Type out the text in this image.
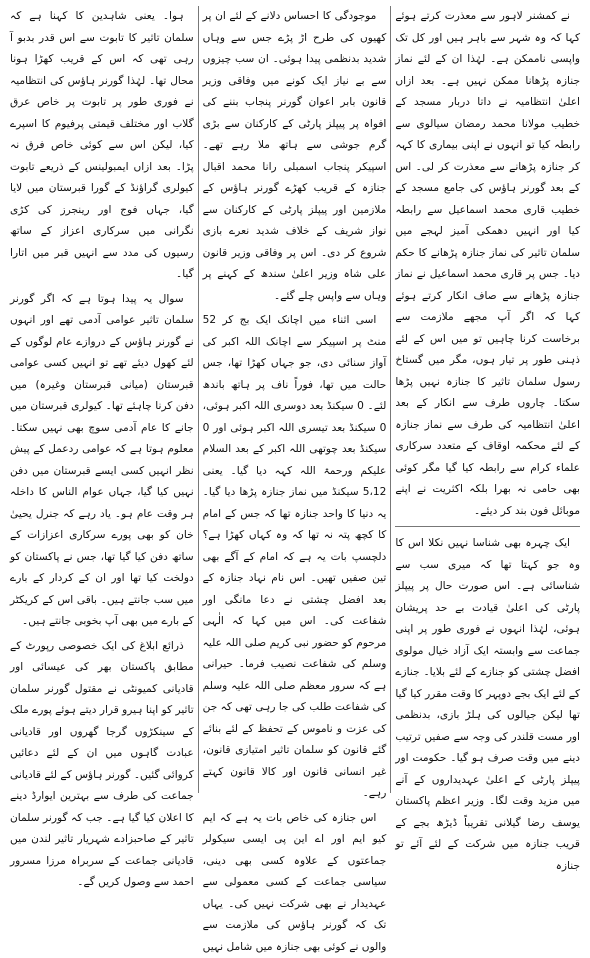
نے کمشنر لاہور سے معذرت کرتے ہوئے کہا کہ وہ شہر سے باہر ہیں اور کل تک واپسی ناممکن ہے۔ لہٰذا ان کے لئے نماز جنازہ پڑھانا ممکن نہیں ہے۔ بعد ازاں اعلیٰ انتظامیہ نے داتا دربار مسجد کے خطیب مولانا محمد رمضان سیالوی سے رابطہ کیا تو انہوں نے اپنی بیماری کا کہہ کر جنازہ پڑھانے سے معذرت کر لی۔ اس کے بعد گورنر ہاؤس کی جامع مسجد کے خطیب قاری محمد اسماعیل سے رابطہ کیا اور انہیں دھمکی آمیز لہجے میں سلمان تاثیر کی نماز جنازہ پڑھانے کا حکم دیا۔ جس پر قاری محمد اسماعیل نے نماز جنازہ پڑھانے سے صاف انکار کرتے ہوئے کہا کہ اگر آپ مجھے ملازمت سے برخاست کرنا چاہیں تو میں اس کے لئے ذہنی طور پر تیار ہوں، مگر میں گستاخ رسول سلمان تاثیر کا جنازہ نہیں پڑھا سکتا۔ چاروں طرف سے انکار کے بعد اعلیٰ انتظامیہ کی طرف سے نماز جنازہ کے لئے محکمہ اوقاف کے متعدد سرکاری علماء کرام سے رابطہ کیا گیا مگر کوئی بھی حامی نہ بھرا بلکہ اکثریت نے اپنے موبائل فون بند کر دیئے۔

ایک چہرہ بھی شناسا نہیں نکلا اس کا وہ جو کہتا تھا کہ میری سب سے شناسائی ہے۔ اس صورت حال پر پیپلز پارٹی کی اعلیٰ قیادت بے حد پریشان ہوئی، لہٰذا انہوں نے فوری طور پر اپنی جماعت سے وابستہ ایک آزاد خیال مولوی افضل چشتی کو جنازے کے لئے بلایا۔ جنازے کے لئے ایک بجے دوپہر کا وقت مقرر کیا گیا تھا لیکن جیالوں کی ہلڑ بازی، بدنظمی اور مست قلندر کی وجہ سے صفیں ترتیب دینے میں وقت صرف ہو گیا۔ حکومت اور پیپلز پارٹی کے اعلیٰ عہدیداروں کے آنے میں مزید وقت لگا۔ وزیر اعظم پاکستان یوسف رضا گیلانی تقریباً ڈیڑھ بجے کے قریب جنازہ میں شرکت کے لئے آئے تو جنازہ

موجودگی کا احساس دلانے کے لئے ان پر کھیوں کی طرح اڑ پڑے جس سے وہاں شدید بدنظمی پیدا ہوئی۔ ان سب چیزوں سے بے نیاز ایک کونے میں وفاقی وزیر قانون بابر اعوان گورنر پنجاب بننے کی افواہ پر پیپلز پارٹی کے کارکنان سے بڑی گرم جوشی سے ہاتھ ملا رہے تھے۔ اسپیکر پنجاب اسمبلی رانا محمد اقبال جنازہ کے قریب کھڑے گورنر ہاؤس کے ملازمین اور پیپلز پارٹی کے کارکنان سے نواز شریف کے خلاف شدید نعرے بازی شروع کر دی۔ اس پر وفاقی وزیر قانون علی شاہ وزیر اعلیٰ سندھ کے کہنے پر وہاں سے واپس چلے گئے۔

اسی اثناء میں اچانک ایک بج کر 52 منٹ پر اسپیکر سے اچانک اللہ اکبر کی آواز سنائی دی، جو جہاں کھڑا تھا، جس حالت میں تھا، فوراً ناف پر ہاتھ باندھ لئے۔ 0 سیکنڈ بعد دوسری اللہ اکبر ہوئی، 0 سیکنڈ بعد تیسری اللہ اکبر ہوئی اور 0 سیکنڈ بعد چوتھی اللہ اکبر کے بعد السلام علیکم ورحمۃ اللہ کہہ دیا گیا۔ یعنی 5،12 سیکنڈ میں نماز جنازہ پڑھا دیا گیا۔ یہ دنیا کا واحد جنازہ تھا کہ جس کے امام کا کچھ پتہ نہ تھا کہ وہ کہاں کھڑا ہے؟ دلچسپ بات یہ ہے کہ امام کے آگے بھی تین صفیں تھیں۔ اس نام نہاد جنازہ کے بعد افضل چشتی نے دعا مانگی اور شفاعت کی۔ اس میں کہا کہ الٰہی مرحوم کو حضور نبی کریم صلی اللہ علیہ وسلم کی شفاعت نصیب فرما۔ حیرانی ہے کہ سرور معظم صلی اللہ علیہ وسلم کی شفاعت طلب کی جا رہی تھی کہ جن کی عزت و ناموس کے تحفظ کے لئے بنائے گئے قانون کو سلمان تاثیر امتیازی قانون، غیر انسانی قانون اور کالا قانون کہتے رہے۔

اس جنازہ کی خاص بات یہ ہے کہ ایم کیو ایم اور اے این پی ایسی سیکولر جماعتوں کے علاوہ کسی بھی دینی، سیاسی جماعت کے کسی معمولی سے عہدیدار نے بھی شرکت نہیں کی۔ یہاں تک کہ گورنر ہاؤس کی ملازمت سے والوں نے کوئی بھی جنازہ میں شامل نہیں

ہوا۔ یعنی شاہدین کا کہنا ہے کہ سلمان تاثیر کا تابوت سے اس قدر بدبو آ رہی تھی کہ اس کے قریب کھڑا ہونا محال تھا۔ لہٰذا گورنر ہاؤس کی انتظامیہ نے فوری طور پر تابوت پر خاص عرق گلاب اور مختلف قیمتی پرفیوم کا اسپرے کیا، لیکن اس سے کوئی خاص فرق نہ پڑا۔ بعد ازاں ایمبولینس کے ذریعے تابوت کیولری گراؤنڈ کے گورا قبرستان میں لایا گیا، جہاں فوج اور رینجرز کی کڑی نگرانی میں سرکاری اعزاز کے ساتھ رسیوں کی مدد سے انہیں قبر میں اتارا گیا۔

سوال یہ پیدا ہوتا ہے کہ اگر گورنر سلمان تاثیر عوامی آدمی تھے اور انہوں نے گورنر ہاؤس کے دروازے عام لوگوں کے لئے کھول دیئے تھے تو انہیں کسی عوامی قبرستان (میانی قبرستان وغیرہ) میں دفن کرنا چاہئے تھا۔ کیولری قبرستان میں جانے کا عام آدمی سوچ بھی نہیں سکتا۔ معلوم ہوتا ہے کہ عوامی ردعمل کے پیش نظر انہیں کسی ایسے قبرستان میں دفن نہیں کیا گیا، جہاں عوام الناس کا داخلہ ہر وقت عام ہو۔ یاد رہے کہ جنرل یحییٰ خان کو بھی پورے سرکاری اعزازات کے ساتھ دفن کیا گیا تھا، جس نے پاکستان کو دولخت کیا تھا اور ان کے کردار کے بارے میں سب جانتے ہیں۔ باقی اس کے کریکٹر کے بارے میں بھی آپ بخوبی جانتے ہیں۔

ذرائع ابلاغ کی ایک خصوصی رپورٹ کے مطابق پاکستان بھر کی عیسائی اور قادیانی کمیونٹی نے مقتول گورنر سلمان تاثیر کو اپنا ہیرو قرار دیتے ہوئے پورے ملک کے سینکڑوں گرجا گھروں اور قادیانی عبادت گاہوں میں ان کے لئے دعائیں کروائی گئیں۔ گورنر ہاؤس کے لئے قادیانی جماعت کی طرف سے بہترین ایوارڈ دینے کا اعلان کیا گیا ہے۔ جب کہ گورنر سلمان تاثیر کے صاحبزادے شہریار تاثیر لندن میں قادیانی جماعت کے سربراہ مرزا مسرور احمد سے وصول کریں گے۔
